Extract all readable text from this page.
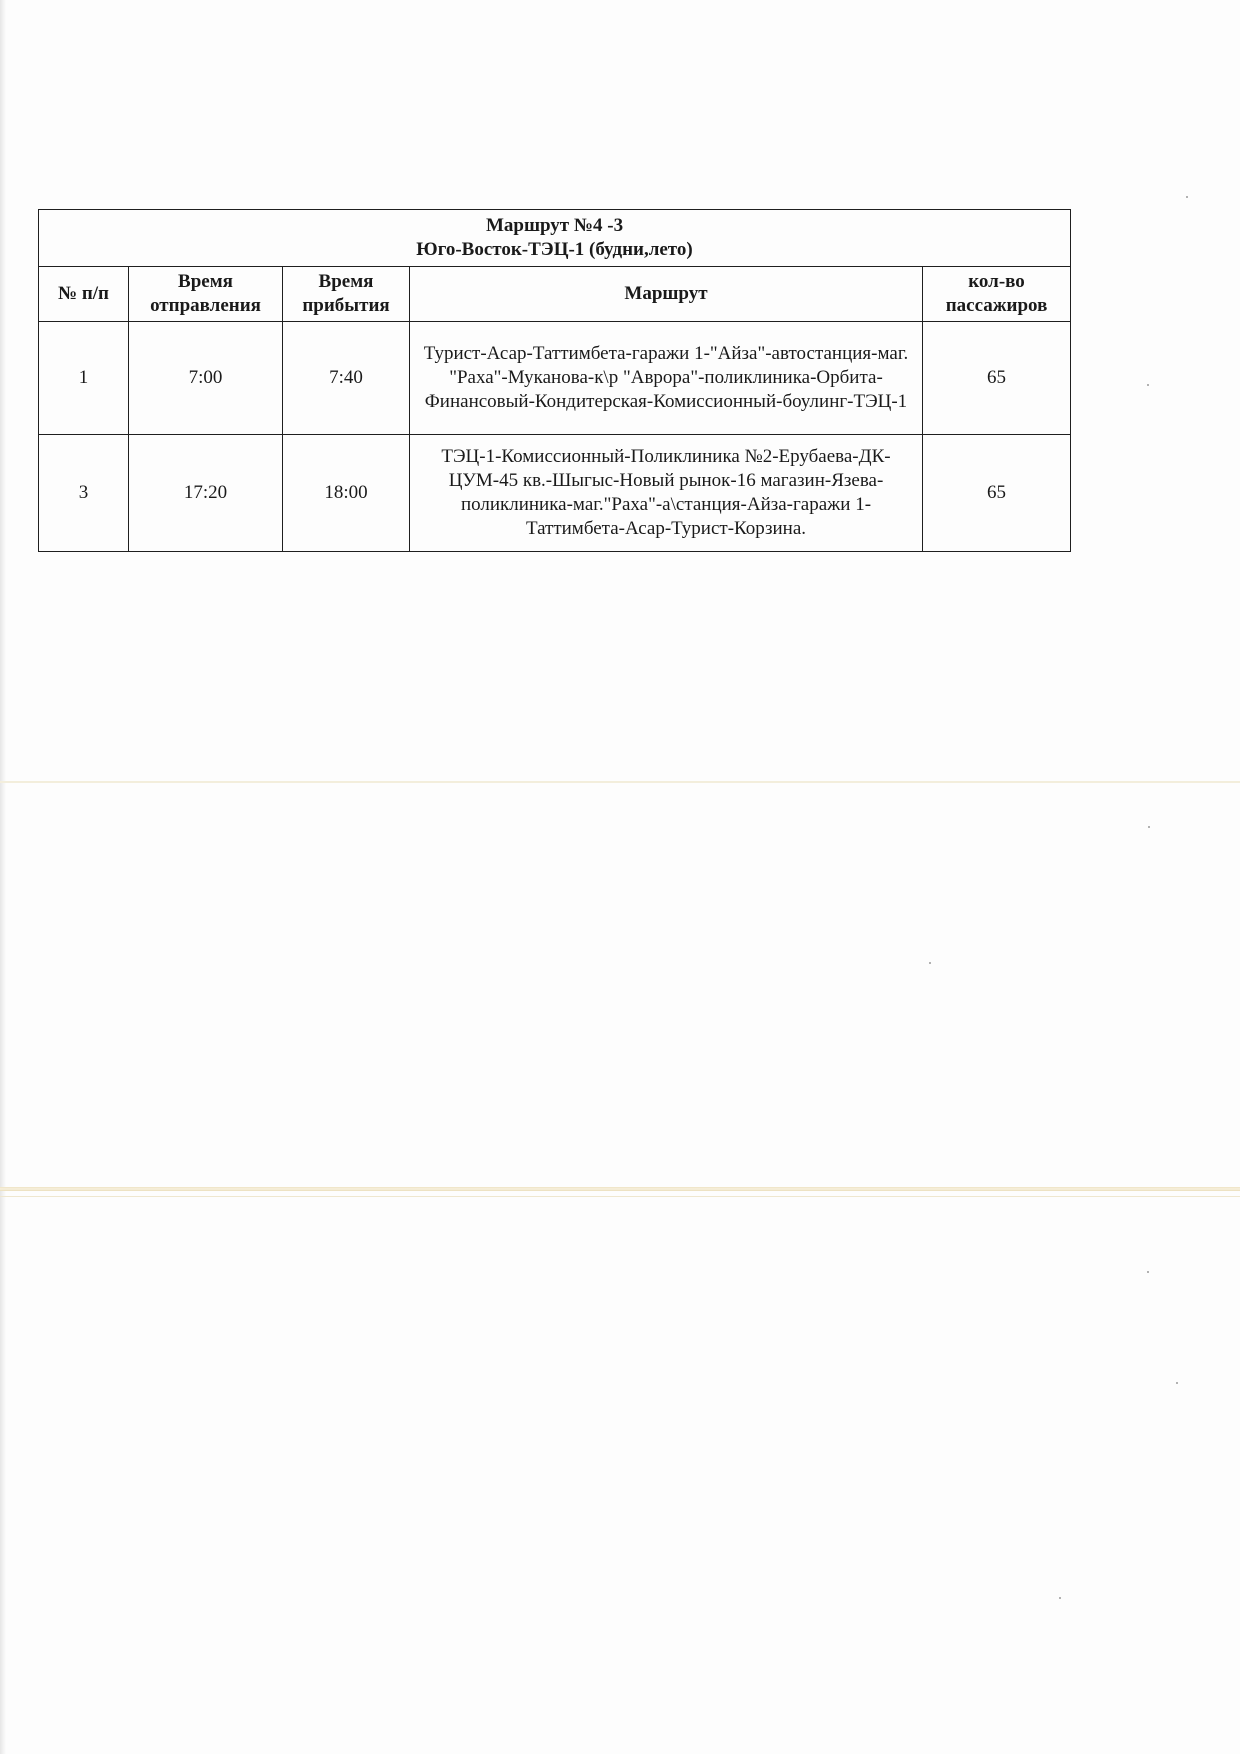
Маршрут №4 -3
Юго-Восток-ТЭЦ-1 (будни,лето)				

№ п/п	Время отправления	Время прибытия	Маршрут	кол-во пассажиров
1	7:00	7:40	Турист-Асар-Таттимбета-гаражи 1-"Айза"-автостанция-маг. "Раха"-Муканова-к\р "Аврора"-поликлиника-Орбита-Финансовый-Кондитерская-Комиссионный-боулинг-ТЭЦ-1	65
3	17:20	18:00	ТЭЦ-1-Комиссионный-Поликлиника №2-Ерубаева-ДК-ЦУМ-45 кв.-Шыгыс-Новый рынок-16 магазин-Язева-поликлиника-маг."Раха"-а\станция-Айза-гаражи 1-Таттимбета-Асар-Турист-Корзина.	65
